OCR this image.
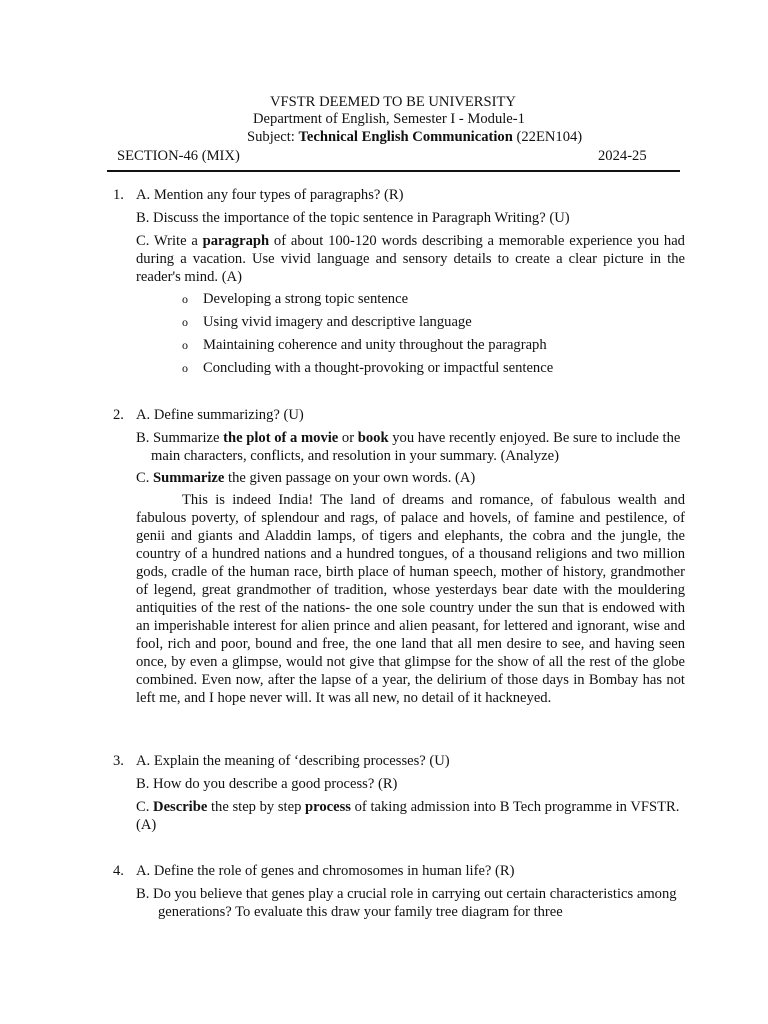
VFSTR DEEMED TO BE UNIVERSITY
Department of English, Semester I - Module-1
Subject: Technical English Communication (22EN104)
SECTION-46 (MIX)	2024-25
1. A. Mention any four types of paragraphs? (R)
B. Discuss the importance of the topic sentence in Paragraph Writing? (U)
C. Write a paragraph of about 100-120 words describing a memorable experience you had during a vacation. Use vivid language and sensory details to create a clear picture in the reader's mind. (A)
o Developing a strong topic sentence
o Using vivid imagery and descriptive language
o Maintaining coherence and unity throughout the paragraph
o Concluding with a thought-provoking or impactful sentence
2. A. Define summarizing? (U)
B. Summarize the plot of a movie or book you have recently enjoyed. Be sure to include the main characters, conflicts, and resolution in your summary. (Analyze)
C. Summarize the given passage on your own words. (A)
This is indeed India! The land of dreams and romance, of fabulous wealth and fabulous poverty, of splendour and rags, of palace and hovels, of famine and pestilence, of genii and giants and Aladdin lamps, of tigers and elephants, the cobra and the jungle, the country of a hundred nations and a hundred tongues, of a thousand religions and two million gods, cradle of the human race, birth place of human speech, mother of history, grandmother of legend, great grandmother of tradition, whose yesterdays bear date with the mouldering antiquities of the rest of the nations- the one sole country under the sun that is endowed with an imperishable interest for alien prince and alien peasant, for lettered and ignorant, wise and fool, rich and poor, bound and free, the one land that all men desire to see, and having seen once, by even a glimpse, would not give that glimpse for the show of all the rest of the globe combined. Even now, after the lapse of a year, the delirium of those days in Bombay has not left me, and I hope never will. It was all new, no detail of it hackneyed.
3. A. Explain the meaning of ‘describing processes? (U)
B. How do you describe a good process? (R)
C. Describe the step by step process of taking admission into B Tech programme in VFSTR. (A)
4. A. Define the role of genes and chromosomes in human life? (R)
B. Do you believe that genes play a crucial role in carrying out certain characteristics among generations? To evaluate this draw your family tree diagram for three
